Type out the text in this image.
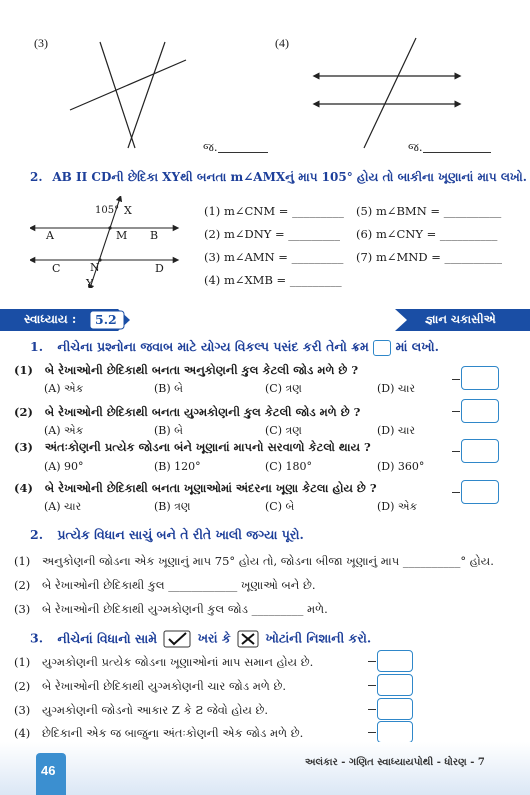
(3)
જ.
(4)
જ.
2. AB II CDની છેદિકા XYથી બનતા m∠AMXનું માપ 105° હોય તો બાકીના ખૂણાનાં માપ લખો.
105° X
A	M B
C	N	D
Y
(1) m∠CNM = _________
(2) m∠DNY = _________
(3) m∠AMN = _________
(4) m∠XMB = _________
(5) m∠BMN = __________
(6) m∠CNY = __________
(7) m∠MND = __________
સ્વાધ્યાય : 5.2	જ્ઞાન ચકાસીએ
1. નીચેના પ્રશ્નોના જવાબ માટે યોગ્ય વિકલ્પ પસંદ કરી તેનો ક્રમ માં લખો.
(1) બે રેખાઓની છેદિકાથી બનતા અનુકોણની કુલ કેટલી જોડ મળે છે ?
(A) એક	(B) બે	(C) ત્રણ	(D) ચાર
(2) બે રેખાઓની છેદિકાથી બનતા યુગ્મકોણની કુલ કેટલી જોડ મળે છે ?
(A) એક	(B) બે	(C) ત્રણ	(D) ચાર
(3) અંતઃકોણની પ્રત્યેક જોડના બંને ખૂણાનાં માપનો સરવાળો કેટલો થાય ?
(A) 90°	(B) 120°	(C) 180°	(D) 360°
(4) બે રેખાઓની છેદિકાથી બનતા ખૂણાઓમાં અંદરના ખૂણા કેટલા હોય છે ?
(A) ચાર	(B) ત્રણ	(C) બે	(D) એક
2. પ્રત્યેક વિધાન સાચું બને તે રીતે ખાલી જગ્યા પૂરો.
(1) અનુકોણની જોડના એક ખૂણાનું માપ 75° હોય તો, જોડના બીજા ખૂણાનું માપ __________° હોય.
(2) બે રેખાઓની છેદિકાથી કુલ ____________ ખૂણાઓ બને છે.
(3) બે રેખાઓની છેદિકાથી યુગ્મકોણની કુલ જોડ _________ મળે.
3. નીચેનાં વિધાનો સામે	ખરાં કે	ખોટાંની નિશાની કરો.
(1) યુગ્મકોણની પ્રત્યેક જોડના ખૂણાઓનાં માપ સમાન હોય છે.
(2) બે રેખાઓની છેદિકાથી યુગ્મકોણની ચાર જોડ મળે છે.
(3) યુગ્મકોણની જોડનો આકાર Z કે Ƨ જેવો હોય છે.
(4) છેદિકાની એક જ બાજુના અંતઃકોણની એક જોડ મળે છે.
46
અલંકાર - ગણિત સ્વાધ્યાયપોથી - ધોરણ - 7
